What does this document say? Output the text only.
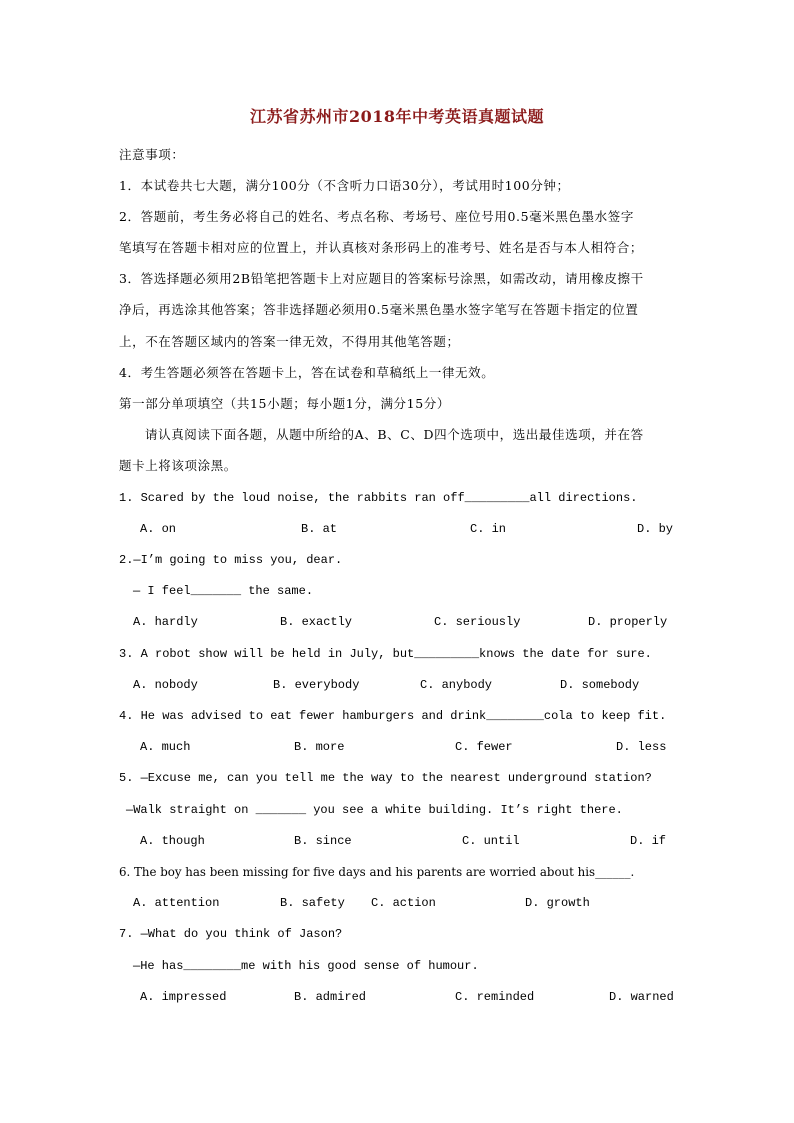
江苏省苏州市2018年中考英语真题试题
注意事项：
1．本试卷共七大题，满分100分（不含听力口语30分），考试用时100分钟；
2．答题前，考生务必将自己的姓名、考点名称、考场号、座位号用0.5毫米黑色墨水签字
笔填写在答题卡相对应的位置上，并认真核对条形码上的准考号、姓名是否与本人相符合；
3．答选择题必须用2B铅笔把答题卡上对应题目的答案标号涂黑，如需改动，请用橡皮擦干
净后，再选涂其他答案；答非选择题必须用0.5毫米黑色墨水签字笔写在答题卡指定的位置
上，不在答题区域内的答案一律无效，不得用其他笔答题；
4．考生答题必须答在答题卡上，答在试卷和草稿纸上一律无效。
第一部分单项填空（共15小题；每小题1分，满分15分）
请认真阅读下面各题，从题中所给的A、B、C、D四个选项中，选出最佳选项，并在答
题卡上将该项涂黑。
1. Scared by the loud noise, the rabbits ran off_________all directions.
A. on	B. at	C. in	D. by
2.—I’m going to miss you, dear.
— I feel_______ the same.
A. hardly	B. exactly	C. seriously	D. properly
3. A robot show will be held in July, but_________knows the date for sure.
A. nobody	B. everybody	C. anybody	D. somebody
4. He was advised to eat fewer hamburgers and drink________cola to keep fit.
A. much	B. more	C. fewer	D. less
5. —Excuse me, can you tell me the way to the nearest underground station?
—Walk straight on _______ you see a white building. It’s right there.
A. though	B. since	C. until	D. if
6. The boy has been missing for five days and his parents are worried about his______.
A. attention	B. safety C. action	D. growth
7. —What do you think of Jason?
—He has________me with his good sense of humour.
A. impressed	B. admired	C. reminded	D. warned
